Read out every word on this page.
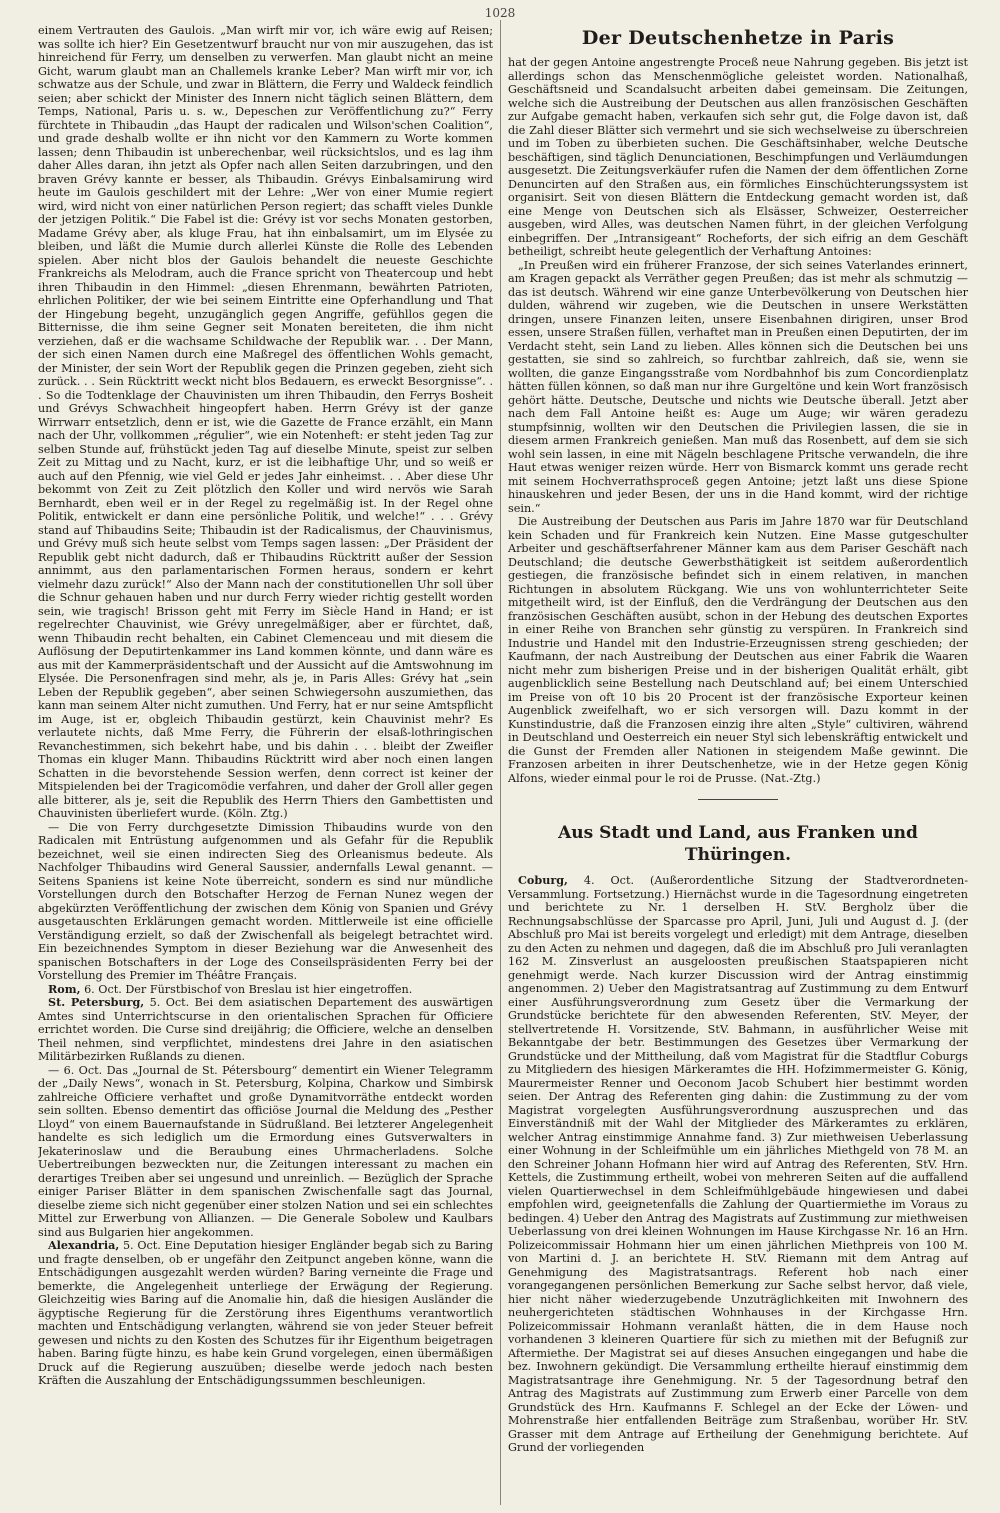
1028

einem Vertrauten des Gaulois. „Man wirft mir vor, ich wäre ewig auf Reisen; was sollte ich hier? Ein Gesetzentwurf braucht nur von mir auszugehen, das ist hinreichend für Ferry, um denselben zu verwerfen. Man glaubt nicht an meine Gicht, warum glaubt man an Challemels kranke Leber? Man wirft mir vor, ich schwatze aus der Schule, und zwar in Blättern, die Ferry und Waldeck feindlich seien; aber schickt der Minister des Innern nicht täglich seinen Blättern, dem Temps, National, Paris u. s. w., Depeschen zur Veröffentlichung zu?“ Ferry fürchtete in Thibaudin „das Haupt der radicalen und Wilson'schen Coalition“, und grade deshalb wollte er ihn nicht vor den Kammern zu Worte kommen lassen; denn Thibaudin ist unberechenbar, weil rücksichtslos, und es lag ihm daher Alles daran, ihn jetzt als Opfer nach allen Seiten darzubringen, und den braven Grévy kannte er besser, als Thibaudin. Grévys Einbalsamirung wird heute im Gaulois geschildert mit der Lehre: „Wer von einer Mumie regiert wird, wird nicht von einer natürlichen Person regiert; das schafft vieles Dunkle der jetzigen Politik.“ Die Fabel ist die: Grévy ist vor sechs Monaten gestorben, Madame Grévy aber, als kluge Frau, hat ihn einbalsamirt, um im Elysée zu bleiben, und läßt die Mumie durch allerlei Künste die Rolle des Lebenden spielen. Aber nicht blos der Gaulois behandelt die neueste Geschichte Frankreichs als Melodram, auch die France spricht von Theatercoup und hebt ihren Thibaudin in den Himmel: „diesen Ehrenmann, bewährten Patrioten, ehrlichen Politiker, der wie bei seinem Eintritte eine Opferhandlung und That der Hingebung begeht, unzugänglich gegen Angriffe, gefühllos gegen die Bitternisse, die ihm seine Gegner seit Monaten bereiteten, die ihm nicht verziehen, daß er die wachsame Schildwache der Republik war. . . Der Mann, der sich einen Namen durch eine Maßregel des öffentlichen Wohls gemacht, der Minister, der sein Wort der Republik gegen die Prinzen gegeben, zieht sich zurück. . . Sein Rücktritt weckt nicht blos Bedauern, es erweckt Besorgnisse“. . . So die Todtenklage der Chauvinisten um ihren Thibaudin, den Ferrys Bosheit und Grévys Schwachheit hingeopfert haben. Herrn Grévy ist der ganze Wirrwarr entsetzlich, denn er ist, wie die Gazette de France erzählt, ein Mann nach der Uhr, vollkommen „régulier“, wie ein Notenheft: er steht jeden Tag zur selben Stunde auf, frühstückt jeden Tag auf dieselbe Minute, speist zur selben Zeit zu Mittag und zu Nacht, kurz, er ist die leibhaftige Uhr, und so weiß er auch auf den Pfennig, wie viel Geld er jedes Jahr einheimst. . . Aber diese Uhr bekommt von Zeit zu Zeit plötzlich den Koller und wird nervös wie Sarah Bernhardt, eben weil er in der Regel zu regelmäßig ist. In der Regel ohne Politik, entwickelt er dann eine persönliche Politik, und welche!“ . . . Grévy stand auf Thibaudins Seite; Thibaudin ist der Radicalismus, der Chauvinismus, und Grévy muß sich heute selbst vom Temps sagen lassen: „Der Präsident der Republik gebt nicht dadurch, daß er Thibaudins Rücktritt außer der Session annimmt, aus den parlamentarischen Formen heraus, sondern er kehrt vielmehr dazu zurück!“ Also der Mann nach der constitutionellen Uhr soll über die Schnur gehauen haben und nur durch Ferry wieder richtig gestellt worden sein, wie tragisch! Brisson geht mit Ferry im Siècle Hand in Hand; er ist regelrechter Chauvinist, wie Grévy unregelmäßiger, aber er fürchtet, daß, wenn Thibaudin recht behalten, ein Cabinet Clemenceau und mit diesem die Auflösung der Deputirtenkammer ins Land kommen könnte, und dann wäre es aus mit der Kammerpräsidentschaft und der Aussicht auf die Amtswohnung im Elysée. Die Personenfragen sind mehr, als je, in Paris Alles: Grévy hat „sein Leben der Republik gegeben“, aber seinen Schwiegersohn auszumiethen, das kann man seinem Alter nicht zumuthen. Und Ferry, hat er nur seine Amtspflicht im Auge, ist er, obgleich Thibaudin gestürzt, kein Chauvinist mehr? Es verlautete nichts, daß Mme Ferry, die Führerin der elsaß-lothringischen Revanchestimmen, sich bekehrt habe, und bis dahin . . . bleibt der Zweifler Thomas ein kluger Mann. Thibaudins Rücktritt wird aber noch einen langen Schatten in die bevorstehende Session werfen, denn correct ist keiner der Mitspielenden bei der Tragicomödie verfahren, und daher der Groll aller gegen alle bitterer, als je, seit die Republik des Herrn Thiers den Gambettisten und Chauvinisten überliefert wurde. (Köln. Ztg.)

— Die von Ferry durchgesetzte Dimission Thibaudins wurde von den Radicalen mit Entrüstung aufgenommen und als Gefahr für die Republik bezeichnet, weil sie einen indirecten Sieg des Orleanismus bedeute. Als Nachfolger Thibaudins wird General Saussier, andernfalls Lewal genannt. — Seitens Spaniens ist keine Note überreicht, sondern es sind nur mündliche Vorstellungen durch den Botschafter Herzog de Fernan Nunez wegen der abgekürzten Veröffentlichung der zwischen dem König von Spanien und Grévy ausgetauschten Erklärungen gemacht worden. Mittlerweile ist eine officielle Verständigung erzielt, so daß der Zwischenfall als beigelegt betrachtet wird. Ein bezeichnendes Symptom in dieser Beziehung war die Anwesenheit des spanischen Botschafters in der Loge des Conseilspräsidenten Ferry bei der Vorstellung des Premier im Théâtre Français.

Rom, 6. Oct. Der Fürstbischof von Breslau ist hier eingetroffen.

St. Petersburg, 5. Oct. Bei dem asiatischen Departement des auswärtigen Amtes sind Unterrichtscurse in den orientalischen Sprachen für Officiere errichtet worden. Die Curse sind dreijährig; die Officiere, welche an denselben Theil nehmen, sind verpflichtet, mindestens drei Jahre in den asiatischen Militärbezirken Rußlands zu dienen.

— 6. Oct. Das „Journal de St. Pétersbourg“ dementirt ein Wiener Telegramm der „Daily News“, wonach in St. Petersburg, Kolpina, Charkow und Simbirsk zahlreiche Officiere verhaftet und große Dynamitvorräthe entdeckt worden sein sollten. Ebenso dementirt das officiöse Journal die Meldung des „Pesther Lloyd“ von einem Bauernaufstande in Südrußland. Bei letzterer Angelegenheit handelte es sich lediglich um die Ermordung eines Gutsverwalters in Jekaterinoslaw und die Beraubung eines Uhrmacherladens. Solche Uebertreibungen bezweckten nur, die Zeitungen interessant zu machen ein derartiges Treiben aber sei ungesund und unreinlich. — Bezüglich der Sprache einiger Pariser Blätter in dem spanischen Zwischenfalle sagt das Journal, dieselbe zieme sich nicht gegenüber einer stolzen Nation und sei ein schlechtes Mittel zur Erwerbung von Allianzen. — Die Generale Sobolew und Kaulbars sind aus Bulgarien hier angekommen.

Alexandria, 5. Oct. Eine Deputation hiesiger Engländer begab sich zu Baring und fragte denselben, ob er ungefähr den Zeitpunct angeben könne, wann die Entschädigungen ausgezahlt werden würden? Baring verneinte die Frage und bemerkte, die Angelegenheit unterliege der Erwägung der Regierung. Gleichzeitig wies Baring auf die Anomalie hin, daß die hiesigen Ausländer die ägyptische Regierung für die Zerstörung ihres Eigenthums verantwortlich machten und Entschädigung verlangten, während sie von jeder Steuer befreit gewesen und nichts zu den Kosten des Schutzes für ihr Eigenthum beigetragen haben. Baring fügte hinzu, es habe kein Grund vorgelegen, einen übermäßigen Druck auf die Regierung auszuüben; dieselbe werde jedoch nach besten Kräften die Auszahlung der Entschädigungssummen beschleunigen.

Der Deutschenhetze in Paris

hat der gegen Antoine angestrengte Proceß neue Nahrung gegeben. Bis jetzt ist allerdings schon das Menschenmögliche geleistet worden. Nationalhaß, Geschäftsneid und Scandalsucht arbeiten dabei gemeinsam. Die Zeitungen, welche sich die Austreibung der Deutschen aus allen französischen Geschäften zur Aufgabe gemacht haben, verkaufen sich sehr gut, die Folge davon ist, daß die Zahl dieser Blätter sich vermehrt und sie sich wechselweise zu überschreien und im Toben zu überbieten suchen. Die Geschäftsinhaber, welche Deutsche beschäftigen, sind täglich Denunciationen, Beschimpfungen und Verläumdungen ausgesetzt. Die Zeitungsverkäufer rufen die Namen der dem öffentlichen Zorne Denuncirten auf den Straßen aus, ein förmliches Einschüchterungssystem ist organisirt. Seit von diesen Blättern die Entdeckung gemacht worden ist, daß eine Menge von Deutschen sich als Elsässer, Schweizer, Oesterreicher ausgeben, wird Alles, was deutschen Namen führt, in der gleichen Verfolgung einbegriffen. Der „Intransigeant“ Rocheforts, der sich eifrig an dem Geschäft betheiligt, schreibt heute gelegentlich der Verhaftung Antoines:

„In Preußen wird ein früherer Franzose, der sich seines Vaterlandes erinnert, am Kragen gepackt als Verräther gegen Preußen; das ist mehr als schmutzig — das ist deutsch. Während wir eine ganze Unterbevölkerung von Deutschen hier dulden, während wir zugeben, wie die Deutschen in unsere Werkstätten dringen, unsere Finanzen leiten, unsere Eisenbahnen dirigiren, unser Brod essen, unsere Straßen füllen, verhaftet man in Preußen einen Deputirten, der im Verdacht steht, sein Land zu lieben. Alles können sich die Deutschen bei uns gestatten, sie sind so zahlreich, so furchtbar zahlreich, daß sie, wenn sie wollten, die ganze Eingangsstraße vom Nordbahnhof bis zum Concordienplatz hätten füllen können, so daß man nur ihre Gurgeltöne und kein Wort französisch gehört hätte. Deutsche, Deutsche und nichts wie Deutsche überall. Jetzt aber nach dem Fall Antoine heißt es: Auge um Auge; wir wären geradezu stumpfsinnig, wollten wir den Deutschen die Privilegien lassen, die sie in diesem armen Frankreich genießen. Man muß das Rosenbett, auf dem sie sich wohl sein lassen, in eine mit Nägeln beschlagene Pritsche verwandeln, die ihre Haut etwas weniger reizen würde. Herr von Bismarck kommt uns gerade recht mit seinem Hochverrathsproceß gegen Antoine; jetzt laßt uns diese Spione hinauskehren und jeder Besen, der uns in die Hand kommt, wird der richtige sein.“

Die Austreibung der Deutschen aus Paris im Jahre 1870 war für Deutschland kein Schaden und für Frankreich kein Nutzen. Eine Masse gutgeschulter Arbeiter und geschäftserfahrener Männer kam aus dem Pariser Geschäft nach Deutschland; die deutsche Gewerbsthätigkeit ist seitdem außerordentlich gestiegen, die französische befindet sich in einem relativen, in manchen Richtungen in absolutem Rückgang. Wie uns von wohlunterrichteter Seite mitgetheilt wird, ist der Einfluß, den die Verdrängung der Deutschen aus den französischen Geschäften ausübt, schon in der Hebung des deutschen Exportes in einer Reihe von Branchen sehr günstig zu verspüren. In Frankreich sind Industrie und Handel mit den Industrie-Erzeugnissen streng geschieden; der Kaufmann, der nach Austreibung der Deutschen aus einer Fabrik die Waaren nicht mehr zum bisherigen Preise und in der bisherigen Qualität erhält, gibt augenblicklich seine Bestellung nach Deutschland auf; bei einem Unterschied im Preise von oft 10 bis 20 Procent ist der französische Exporteur keinen Augenblick zweifelhaft, wo er sich versorgen will. Dazu kommt in der Kunstindustrie, daß die Franzosen einzig ihre alten „Style“ cultiviren, während in Deutschland und Oesterreich ein neuer Styl sich lebenskräftig entwickelt und die Gunst der Fremden aller Nationen in steigendem Maße gewinnt. Die Franzosen arbeiten in ihrer Deutschenhetze, wie in der Hetze gegen König Alfons, wieder einmal pour le roi de Prusse. (Nat.-Ztg.)

Aus Stadt und Land, aus Franken und Thüringen.

Coburg, 4. Oct. (Außerordentliche Sitzung der Stadtverordneten-Versammlung. Fortsetzung.) Hiernächst wurde in die Tagesordnung eingetreten und berichtete zu Nr. 1 derselben H. StV. Bergholz über die Rechnungsabschlüsse der Sparcasse pro April, Juni, Juli und August d. J. (der Abschluß pro Mai ist bereits vorgelegt und erledigt) mit dem Antrage, dieselben zu den Acten zu nehmen und dagegen, daß die im Abschluß pro Juli veranlagten 162 M. Zinsverlust an ausgeloosten preußischen Staatspapieren nicht genehmigt werde. Nach kurzer Discussion wird der Antrag einstimmig angenommen. 2) Ueber den Magistratsantrag auf Zustimmung zu dem Entwurf einer Ausführungsverordnung zum Gesetz über die Vermarkung der Grundstücke berichtete für den abwesenden Referenten, StV. Meyer, der stellvertretende H. Vorsitzende, StV. Bahmann, in ausführlicher Weise mit Bekanntgabe der betr. Bestimmungen des Gesetzes über Vermarkung der Grundstücke und der Mittheilung, daß vom Magistrat für die Stadtflur Coburgs zu Mitgliedern des hiesigen Märkeramtes die HH. Hofzimmermeister G. König, Maurermeister Renner und Oeconom Jacob Schubert hier bestimmt worden seien. Der Antrag des Referenten ging dahin: die Zustimmung zu der vom Magistrat vorgelegten Ausführungsverordnung auszusprechen und das Einverständniß mit der Wahl der Mitglieder des Märkeramtes zu erklären, welcher Antrag einstimmige Annahme fand. 3) Zur miethweisen Ueberlassung einer Wohnung in der Schleifmühle um ein jährliches Miethgeld von 78 M. an den Schreiner Johann Hofmann hier wird auf Antrag des Referenten, StV. Hrn. Kettels, die Zustimmung ertheilt, wobei von mehreren Seiten auf die auffallend vielen Quartierwechsel in dem Schleifmühlgebäude hingewiesen und dabei empfohlen wird, geeignetenfalls die Zahlung der Quartiermiethe im Voraus zu bedingen. 4) Ueber den Antrag des Magistrats auf Zustimmung zur miethweisen Ueberlassung von drei kleinen Wohnungen im Hause Kirchgasse Nr. 16 an Hrn. Polizeicommissair Hohmann hier um einen jährlichen Miethpreis von 100 M. von Martini d. J. an berichtete H. StV. Riemann mit dem Antrag auf Genehmigung des Magistratsantrags. Referent hob nach einer vorangegangenen persönlichen Bemerkung zur Sache selbst hervor, daß viele, hier nicht näher wiederzugebende Unzuträglichkeiten mit Inwohnern des neuhergerichteten städtischen Wohnhauses in der Kirchgasse Hrn. Polizeicommissair Hohmann veranlaßt hätten, die in dem Hause noch vorhandenen 3 kleineren Quartiere für sich zu miethen mit der Befugniß zur Aftermiethe. Der Magistrat sei auf dieses Ansuchen eingegangen und habe die bez. Inwohnern gekündigt. Die Versammlung ertheilte hierauf einstimmig dem Magistratsantrage ihre Genehmigung. Nr. 5 der Tagesordnung betraf den Antrag des Magistrats auf Zustimmung zum Erwerb einer Parcelle von dem Grundstück des Hrn. Kaufmanns F. Schlegel an der Ecke der Löwen- und Mohrenstraße hier entfallenden Beiträge zum Straßenbau, worüber Hr. StV. Grasser mit dem Antrage auf Ertheilung der Genehmigung berichtete. Auf Grund der vorliegenden
